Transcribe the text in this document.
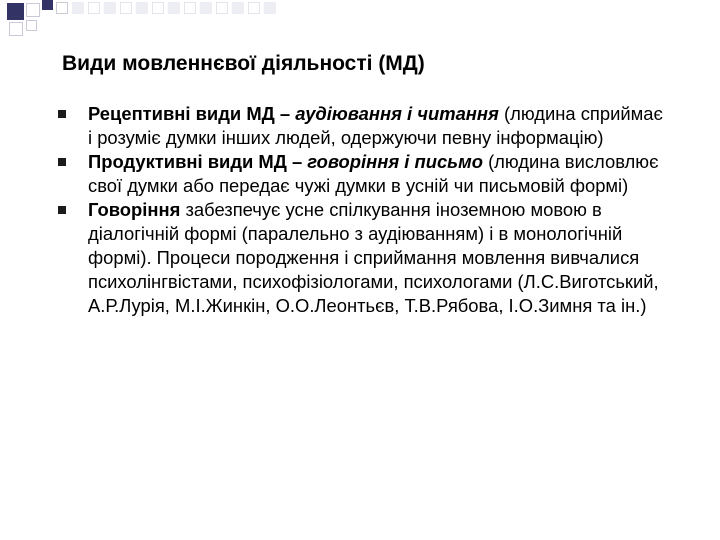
Види мовленнєвої діяльності (МД)
Рецептивні види МД – аудіювання і читання (людина сприймає і розуміє думки інших людей, одержуючи певну інформацію)
Продуктивні види МД – говоріння і письмо (людина висловлює свої думки або передає чужі думки в усній чи письмовій формі)
Говоріння забезпечує усне спілкування іноземною мовою в діалогічній формі (паралельно з аудіюванням) і в монологічній формі). Процеси породження і сприймання мовлення вивчалися психолінгвістами, психофізіологами, психологами (Л.С.Виготський, А.Р.Лурія, М.І.Жинкін, О.О.Леонтьєв, Т.В.Рябова, І.О.Зимня та ін.)
